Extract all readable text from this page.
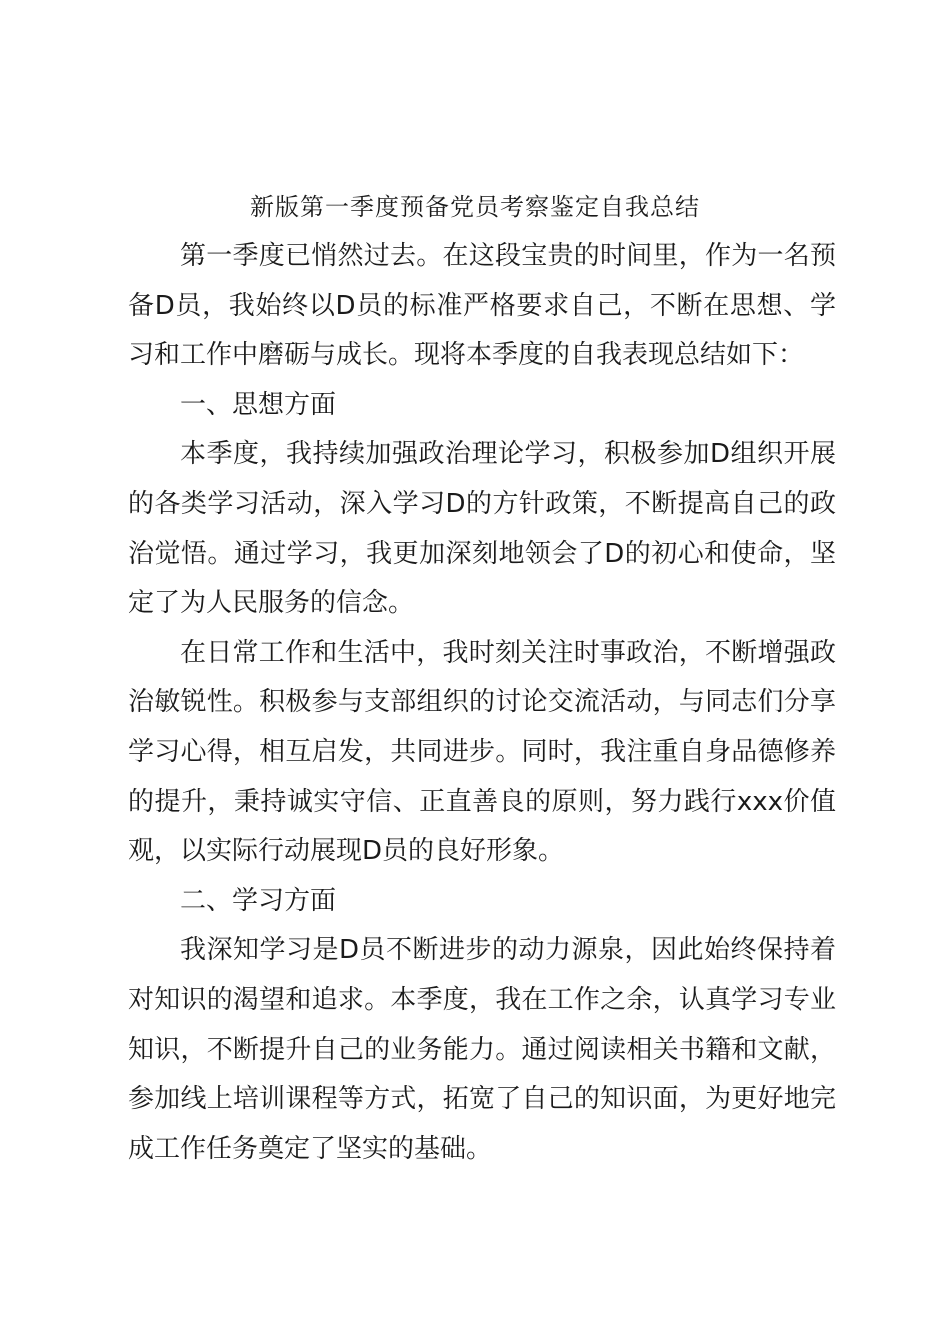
新版第一季度预备党员考察鉴定自我总结

第一季度已悄然过去。在这段宝贵的时间里，作为一名预备D员，我始终以D员的标准严格要求自己，不断在思想、学习和工作中磨砺与成长。现将本季度的自我表现总结如下：

一、思想方面

本季度，我持续加强政治理论学习，积极参加D组织开展的各类学习活动，深入学习D的方针政策，不断提高自己的政治觉悟。通过学习，我更加深刻地领会了D的初心和使命，坚定了为人民服务的信念。

在日常工作和生活中，我时刻关注时事政治，不断增强政治敏锐性。积极参与支部组织的讨论交流活动，与同志们分享学习心得，相互启发，共同进步。同时，我注重自身品德修养的提升，秉持诚实守信、正直善良的原则，努力践行xxx价值观，以实际行动展现D员的良好形象。

二、学习方面

我深知学习是D员不断进步的动力源泉，因此始终保持着对知识的渴望和追求。本季度，我在工作之余，认真学习专业知识，不断提升自己的业务能力。通过阅读相关书籍和文献，参加线上培训课程等方式，拓宽了自己的知识面，为更好地完成工作任务奠定了坚实的基础。
